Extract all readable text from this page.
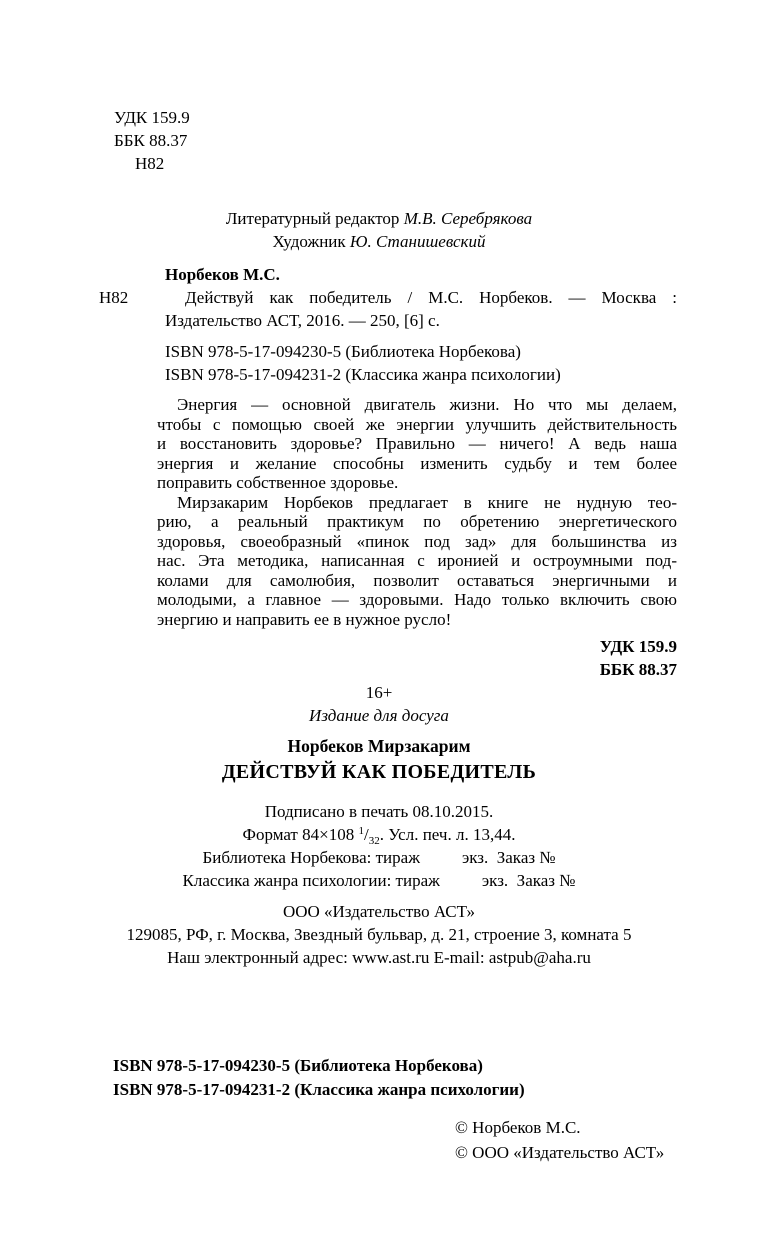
УДК 159.9
ББК 88.37
Н82
Литературный редактор М.В. Серебрякова
Художник Ю. Станишевский
Норбеков М.С.
Н82	Действуй как победитель / М.С. Норбеков. — Москва :
Издательство АСТ, 2016. — 250, [6] с.
ISBN 978-5-17-094230-5 (Библиотека Норбекова)
ISBN 978-5-17-094231-2 (Классика жанра психологии)
Энергия — основной двигатель жизни. Но что мы делаем,
чтобы с помощью своей же энергии улучшить действительность
и восстановить здоровье? Правильно — ничего! А ведь наша
энергия и желание способны изменить судьбу и тем более
поправить собственное здоровье.
Мирзакарим Норбеков предлагает в книге не нудную тео-
рию, а реальный практикум по обретению энергетического
здоровья, своеобразный «пинок под зад» для большинства из
нас. Эта методика, написанная с иронией и остроумными под-
колами для самолюбия, позволит оставаться энергичными и
молодыми, а главное — здоровыми. Надо только включить свою
энергию и направить ее в нужное русло!
УДК 159.9
ББК 88.37
16+
Издание для досуга
Норбеков Мирзакарим
ДЕЙСТВУЙ КАК ПОБЕДИТЕЛЬ
Подписано в печать 08.10.2015.
Формат 84×108 $^1/_{32}$. Усл. печ. л. 13,44.
Библиотека Норбекова: тираж экз.  Заказ №
Классика жанра психологии: тираж экз.  Заказ №
ООО «Издательство АСТ»
129085, РФ, г. Москва, Звездный бульвар, д. 21, строение 3, комната 5
Наш электронный адрес: www.ast.ru E-mail: astpub@aha.ru
ISBN 978-5-17-094230-5 (Библиотека Норбекова)
ISBN 978-5-17-094231-2 (Классика жанра психологии)
© Норбеков М.С.
© ООО «Издательство АСТ»
